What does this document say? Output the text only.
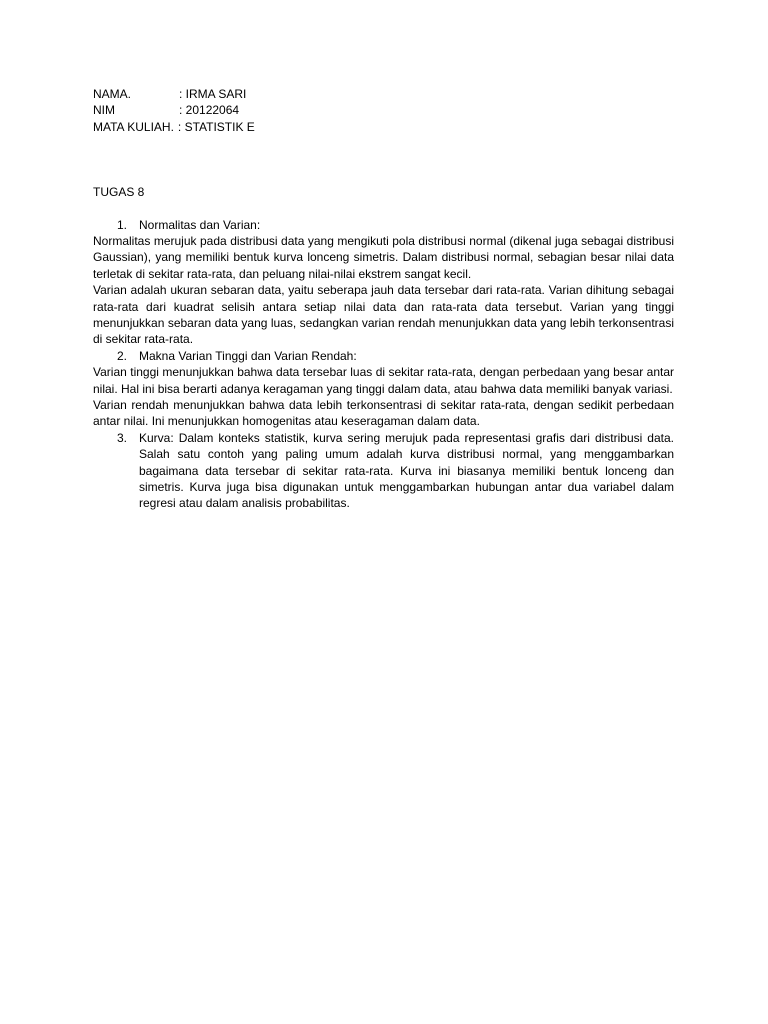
NAMA.	: IRMA SARI
NIM	: 20122064
MATA KULIAH. : STATISTIK E

TUGAS 8

1. Normalitas dan Varian:

Normalitas merujuk pada distribusi data yang mengikuti pola distribusi normal (dikenal juga sebagai distribusi Gaussian), yang memiliki bentuk kurva lonceng simetris. Dalam distribusi normal, sebagian besar nilai data terletak di sekitar rata-rata, dan peluang nilai-nilai ekstrem sangat kecil.

Varian adalah ukuran sebaran data, yaitu seberapa jauh data tersebar dari rata-rata. Varian dihitung sebagai rata-rata dari kuadrat selisih antara setiap nilai data dan rata-rata data tersebut. Varian yang tinggi menunjukkan sebaran data yang luas, sedangkan varian rendah menunjukkan data yang lebih terkonsentrasi di sekitar rata-rata.

2. Makna Varian Tinggi dan Varian Rendah:

Varian tinggi menunjukkan bahwa data tersebar luas di sekitar rata-rata, dengan perbedaan yang besar antar nilai. Hal ini bisa berarti adanya keragaman yang tinggi dalam data, atau bahwa data memiliki banyak variasi.

Varian rendah menunjukkan bahwa data lebih terkonsentrasi di sekitar rata-rata, dengan sedikit perbedaan antar nilai. Ini menunjukkan homogenitas atau keseragaman dalam data.

3. Kurva: Dalam konteks statistik, kurva sering merujuk pada representasi grafis dari distribusi data. Salah satu contoh yang paling umum adalah kurva distribusi normal, yang menggambarkan bagaimana data tersebar di sekitar rata-rata. Kurva ini biasanya memiliki bentuk lonceng dan simetris. Kurva juga bisa digunakan untuk menggambarkan hubungan antar dua variabel dalam regresi atau dalam analisis probabilitas.
